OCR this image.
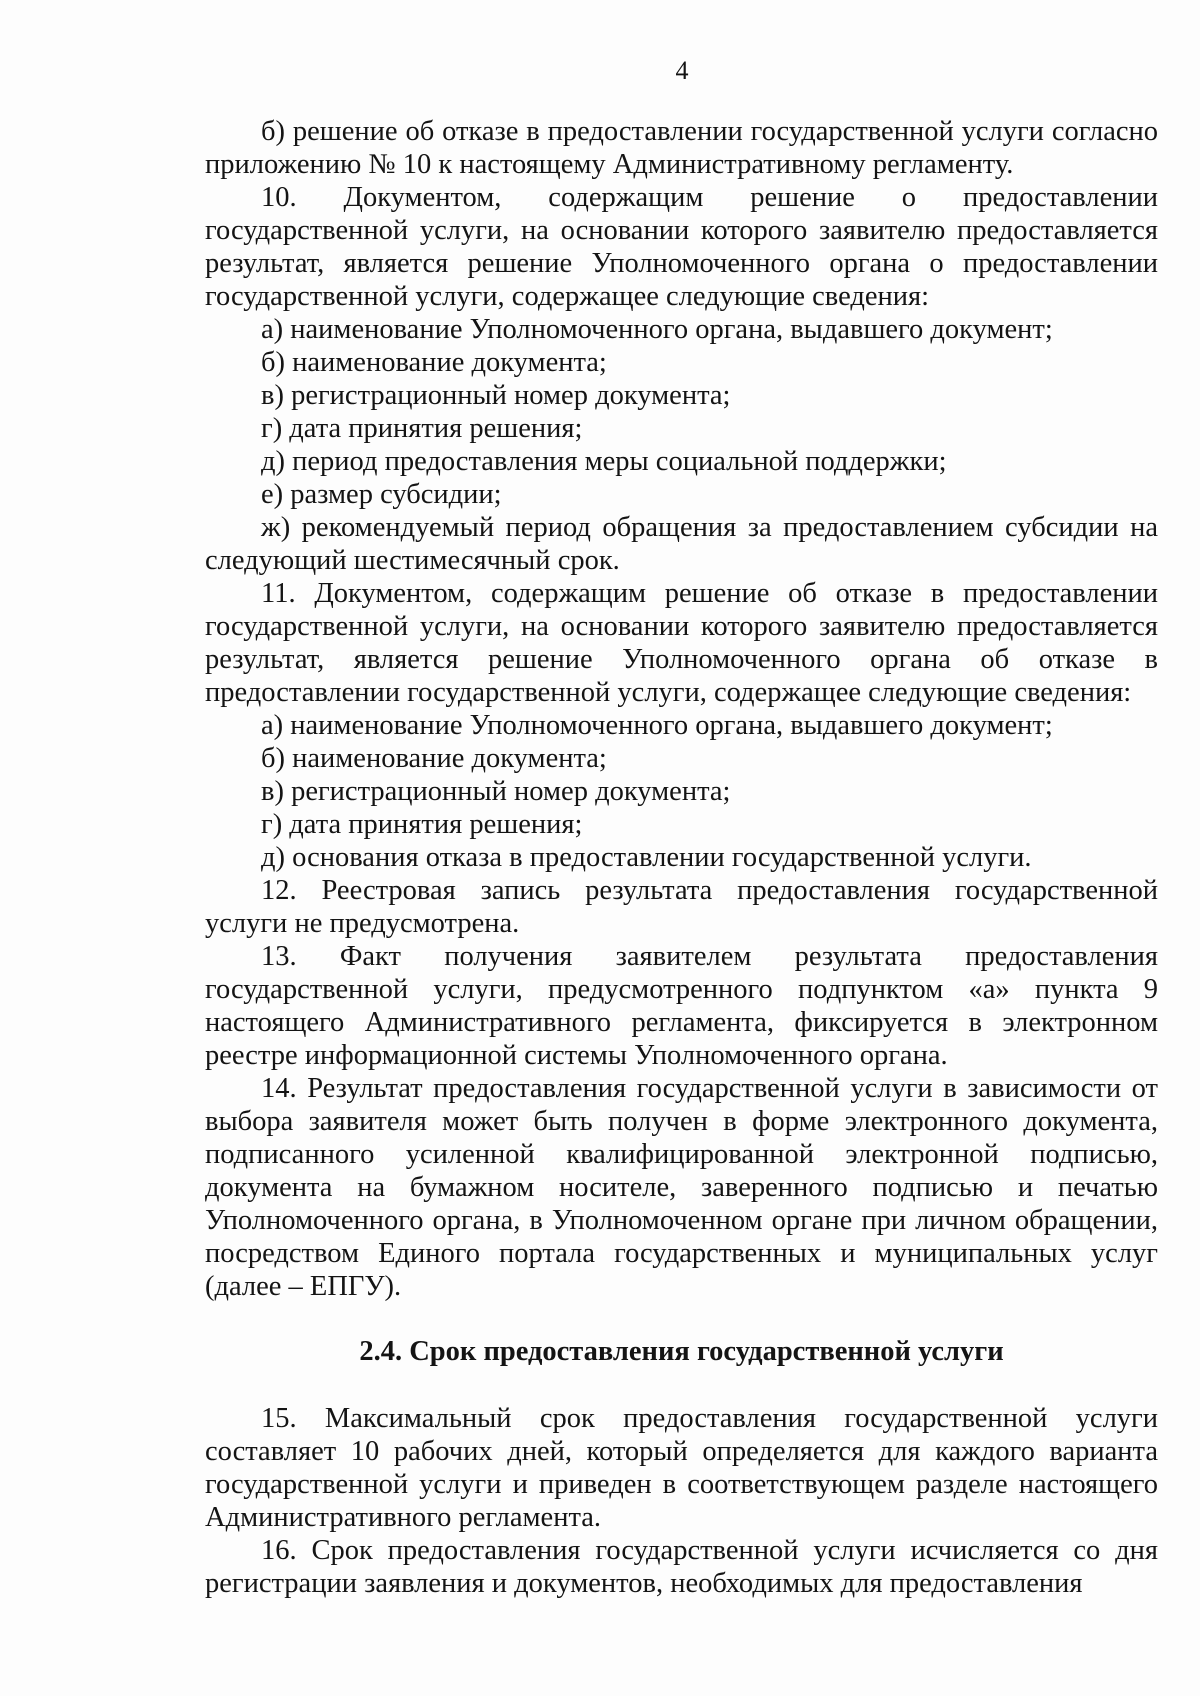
4

б) решение об отказе в предоставлении государственной услуги согласно приложению № 10 к настоящему Административному регламенту.

10. Документом, содержащим решение о предоставлении государственной услуги, на основании которого заявителю предоставляется результат, является решение Уполномоченного органа о предоставлении государственной услуги, содержащее следующие сведения:

а) наименование Уполномоченного органа, выдавшего документ;

б) наименование документа;

в) регистрационный номер документа;

г) дата принятия решения;

д) период предоставления меры социальной поддержки;

е) размер субсидии;

ж) рекомендуемый период обращения за предоставлением субсидии на следующий шестимесячный срок.

11. Документом, содержащим решение об отказе в предоставлении государственной услуги, на основании которого заявителю предоставляется результат, является решение Уполномоченного органа об отказе в предоставлении государственной услуги, содержащее следующие сведения:

а) наименование Уполномоченного органа, выдавшего документ;

б) наименование документа;

в) регистрационный номер документа;

г) дата принятия решения;

д) основания отказа в предоставлении государственной услуги.

12. Реестровая запись результата предоставления государственной услуги не предусмотрена.

13. Факт получения заявителем результата предоставления государственной услуги, предусмотренного подпунктом «а» пункта 9 настоящего Административного регламента, фиксируется в электронном реестре информационной системы Уполномоченного органа.

14. Результат предоставления государственной услуги в зависимости от выбора заявителя может быть получен в форме электронного документа, подписанного усиленной квалифицированной электронной подписью, документа на бумажном носителе, заверенного подписью и печатью Уполномоченного органа, в Уполномоченном органе при личном обращении, посредством Единого портала государственных и муниципальных услуг (далее – ЕПГУ).

2.4. Срок предоставления государственной услуги

15. Максимальный срок предоставления государственной услуги составляет 10 рабочих дней, который определяется для каждого варианта государственной услуги и приведен в соответствующем разделе настоящего Административного регламента.

16. Срок предоставления государственной услуги исчисляется со дня регистрации заявления и документов, необходимых для предоставления
